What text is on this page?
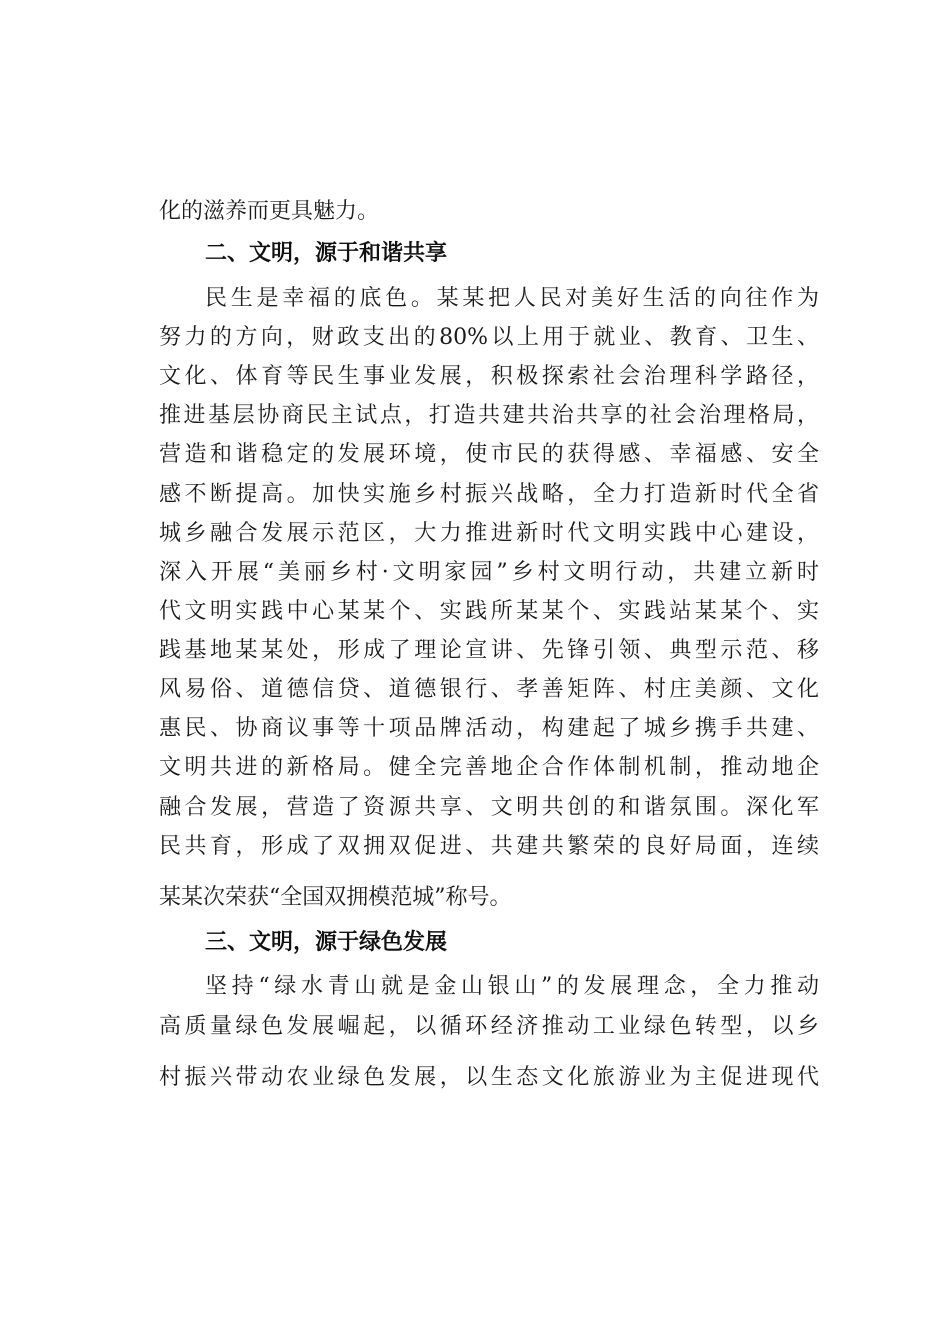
化的滋养而更具魅力。
二、文明，源于和谐共享
民生是幸福的底色。某某把人民对美好生活的向往作为
努力的方向，财政支出的80%以上用于就业、教育、卫生、
文化、体育等民生事业发展，积极探索社会治理科学路径，
推进基层协商民主试点，打造共建共治共享的社会治理格局，
营造和谐稳定的发展环境，使市民的获得感、幸福感、安全
感不断提高。加快实施乡村振兴战略，全力打造新时代全省
城乡融合发展示范区，大力推进新时代文明实践中心建设，
深入开展“美丽乡村·文明家园”乡村文明行动，共建立新时
代文明实践中心某某个、实践所某某个、实践站某某个、实
践基地某某处，形成了理论宣讲、先锋引领、典型示范、移
风易俗、道德信贷、道德银行、孝善矩阵、村庄美颜、文化
惠民、协商议事等十项品牌活动，构建起了城乡携手共建、
文明共进的新格局。健全完善地企合作体制机制，推动地企
融合发展，营造了资源共享、文明共创的和谐氛围。深化军
民共育，形成了双拥双促进、共建共繁荣的良好局面，连续
某某次荣获“全国双拥模范城”称号。
三、文明，源于绿色发展
坚持“绿水青山就是金山银山”的发展理念，全力推动
高质量绿色发展崛起，以循环经济推动工业绿色转型，以乡
村振兴带动农业绿色发展，以生态文化旅游业为主促进现代
